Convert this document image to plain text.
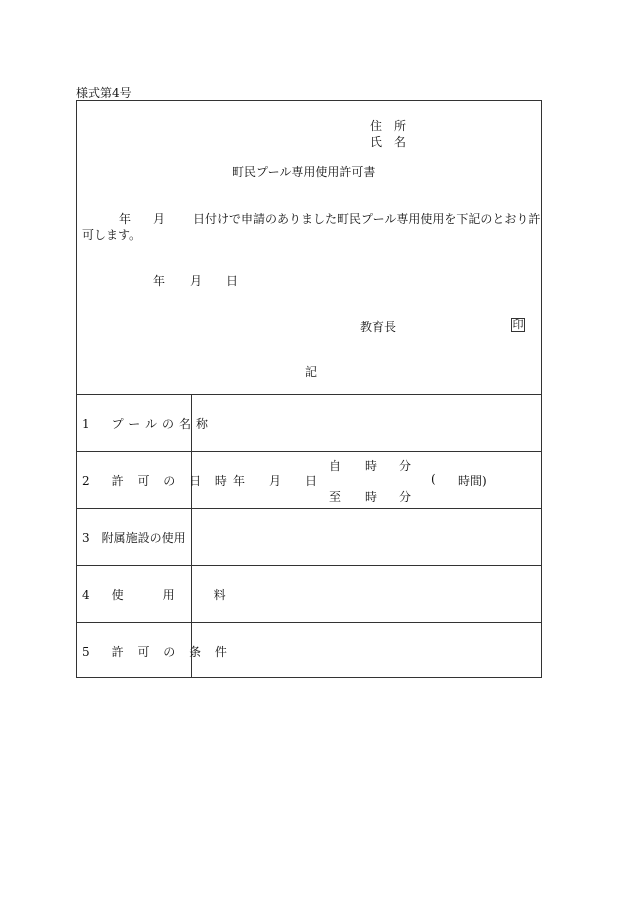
様式第4号
住　所
氏　名
町民プール専用使用許可書
年 月 日付けで申請のありました町民プール専用使用を下記のとおり許
可します。
年 月 日
教育長	印
記
1　プールの名称
2　許 可 の 日 時
3　附属施設の使用
4　使　　用　　料
5　許 可 の 条 件
自 時 分
年 月 日	( 時間)
至 時 分
